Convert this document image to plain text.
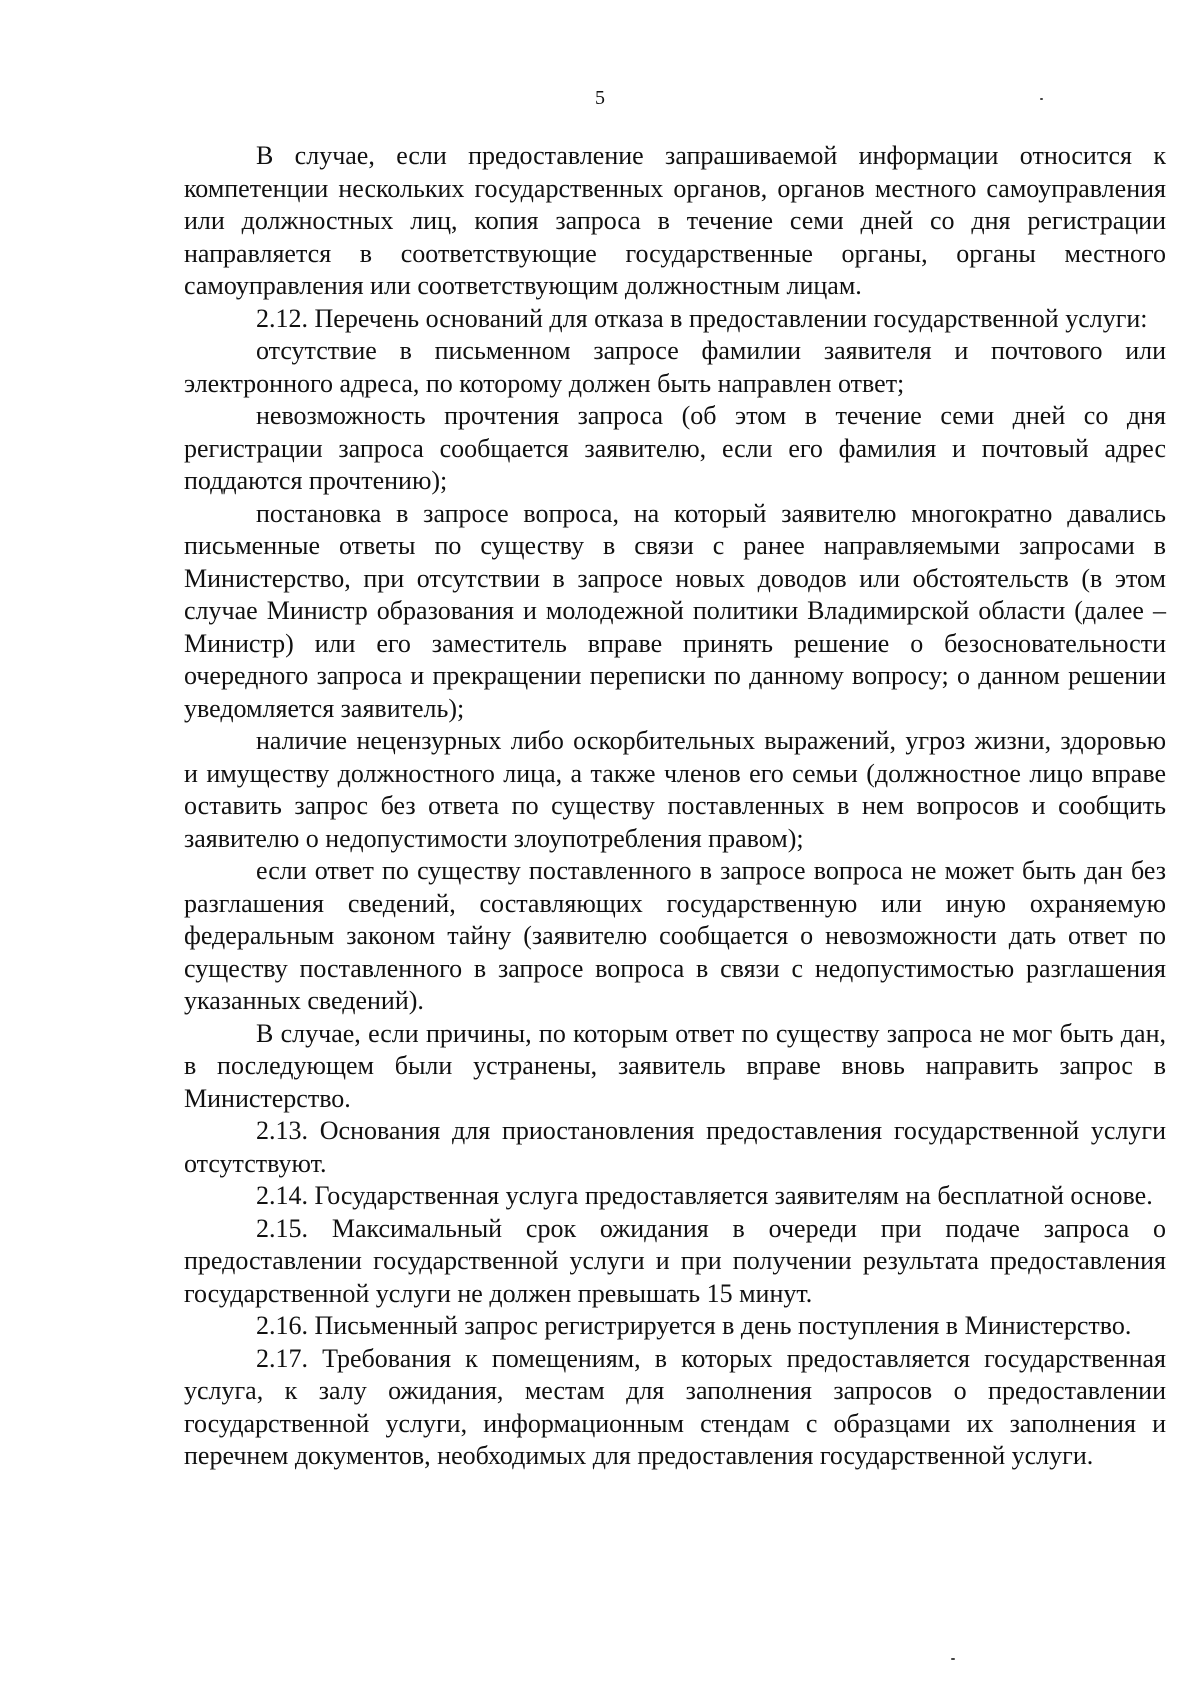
5

В случае, если предоставление запрашиваемой информации относится к компетенции нескольких государственных органов, органов местного самоуправления или должностных лиц, копия запроса в течение семи дней со дня регистрации направляется в соответствующие государственные органы, органы местного самоуправления или соответствующим должностным лицам.

2.12. Перечень оснований для отказа в предоставлении государственной услуги:

отсутствие в письменном запросе фамилии заявителя и почтового или электронного адреса, по которому должен быть направлен ответ;

невозможность прочтения запроса (об этом в течение семи дней со дня регистрации запроса сообщается заявителю, если его фамилия и почтовый адрес поддаются прочтению);

постановка в запросе вопроса, на который заявителю многократно давались письменные ответы по существу в связи с ранее направляемыми запросами в Министерство, при отсутствии в запросе новых доводов или обстоятельств (в этом случае Министр образования и молодежной политики Владимирской области (далее – Министр) или его заместитель вправе принять решение о безосновательности очередного запроса и прекращении переписки по данному вопросу; о данном решении уведомляется заявитель);

наличие нецензурных либо оскорбительных выражений, угроз жизни, здоровью и имуществу должностного лица, а также членов его семьи (должностное лицо вправе оставить запрос без ответа по существу поставленных в нем вопросов и сообщить заявителю о недопустимости злоупотребления правом);

если ответ по существу поставленного в запросе вопроса не может быть дан без разглашения сведений, составляющих государственную или иную охраняемую федеральным законом тайну (заявителю сообщается о невозможности дать ответ по существу поставленного в запросе вопроса в связи с недопустимостью разглашения указанных сведений).

В случае, если причины, по которым ответ по существу запроса не мог быть дан, в последующем были устранены, заявитель вправе вновь направить запрос в Министерство.

2.13. Основания для приостановления предоставления государственной услуги отсутствуют.

2.14. Государственная услуга предоставляется заявителям на бесплатной основе.

2.15. Максимальный срок ожидания в очереди при подаче запроса о предоставлении государственной услуги и при получении результата предоставления государственной услуги не должен превышать 15 минут.

2.16. Письменный запрос регистрируется в день поступления в Министерство.

2.17. Требования к помещениям, в которых предоставляется государственная услуга, к залу ожидания, местам для заполнения запросов о предоставлении государственной услуги, информационным стендам с образцами их заполнения и перечнем документов, необходимых для предоставления государственной услуги.
